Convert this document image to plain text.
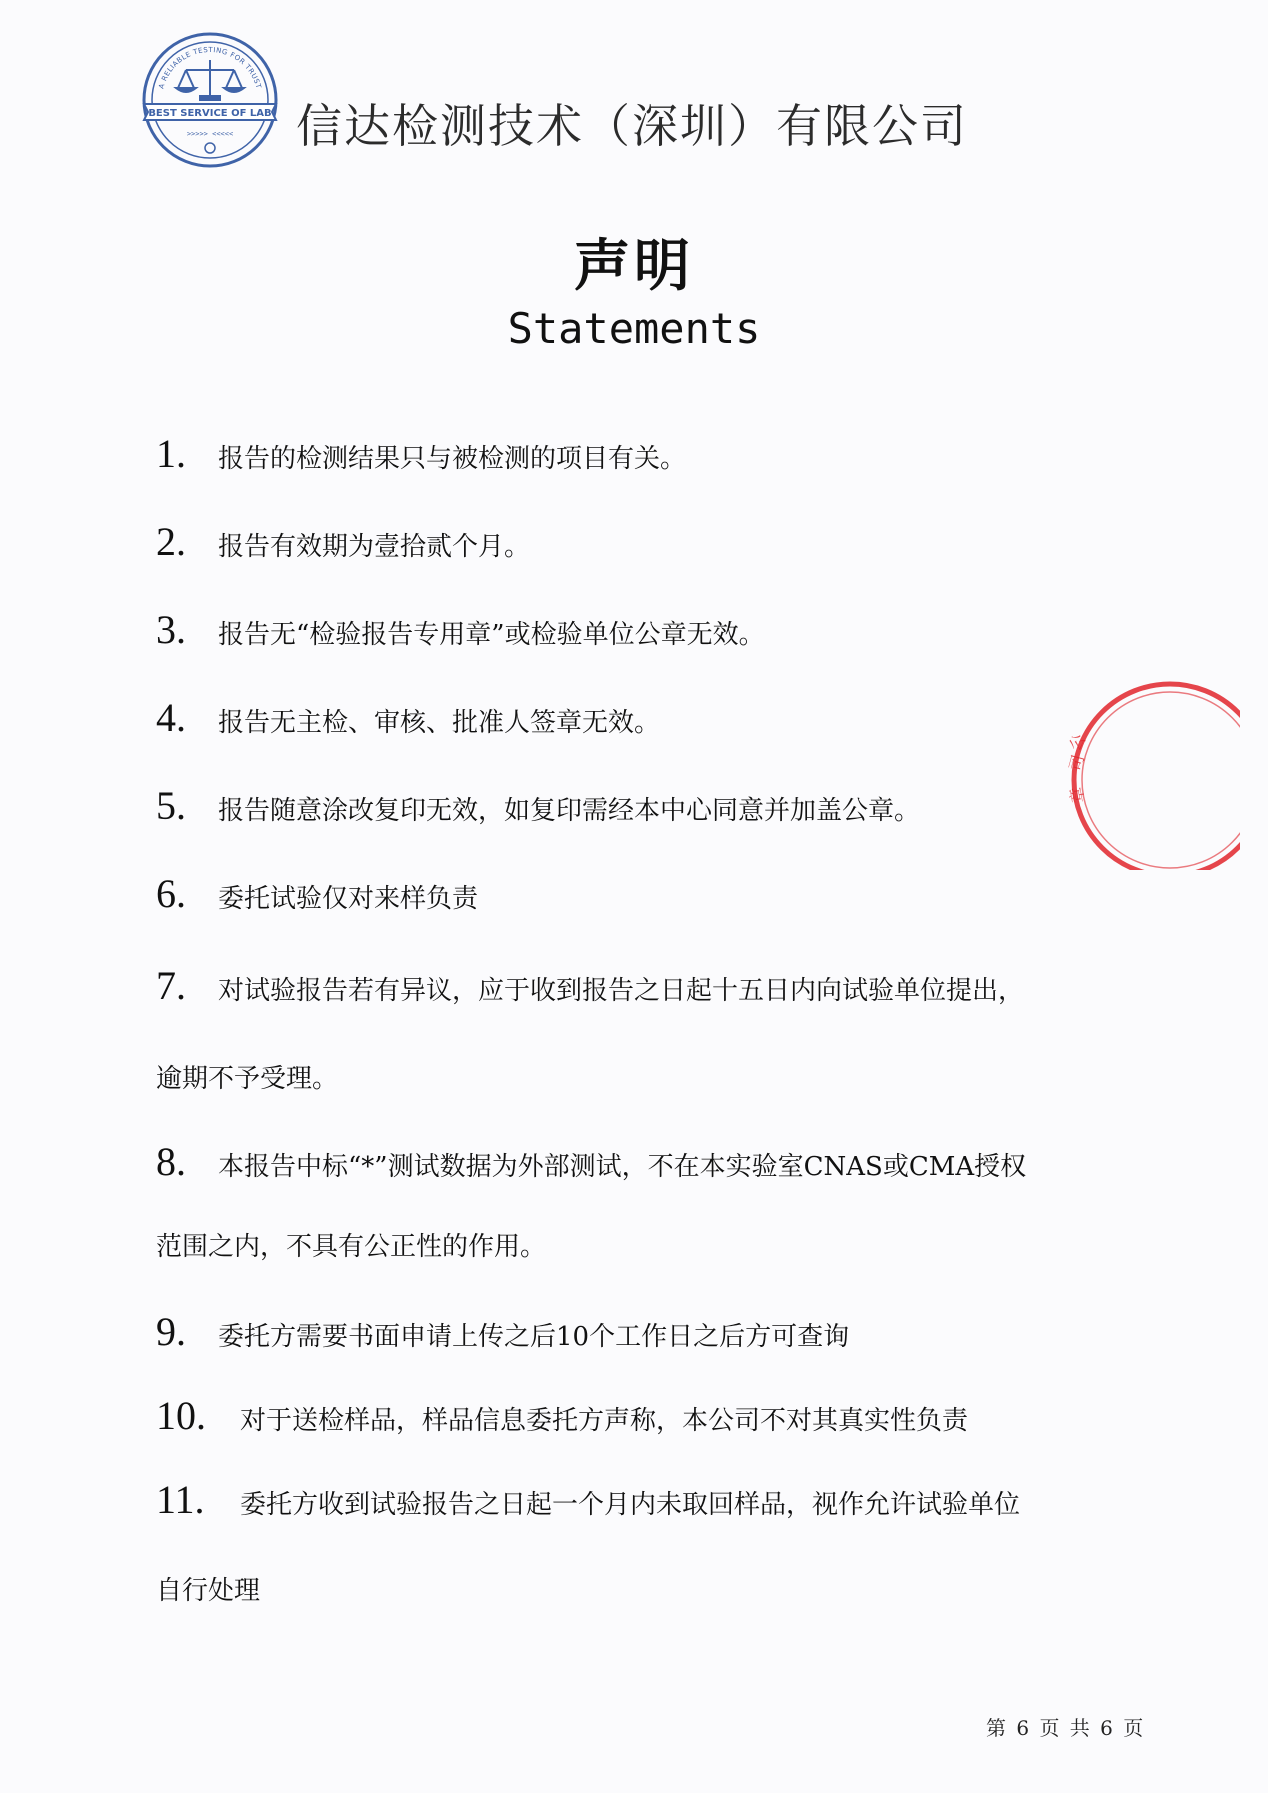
A RELIABLE TESTING FOR TRUST
BEST SERVICE OF LAB
>>>>> <<<<< 信达检测技术（深圳）有限公司
声明
Statements
1. 报告的检测结果只与被检测的项目有关。
2. 报告有效期为壹拾贰个月。
3. 报告无“检验报告专用章”或检验单位公章无效。
4. 报告无主检、审核、批准人签章无效。
5. 报告随意涂改复印无效，如复印需经本中心同意并加盖公章。
6. 委托试验仅对来样负责
7. 对试验报告若有异议，应于收到报告之日起十五日内向试验单位提出，
逾期不予受理。
8. 本报告中标“*”测试数据为外部测试，不在本实验室CNAS或CMA授权
范围之内，不具有公正性的作用。
9. 委托方需要书面申请上传之后10个工作日之后方可查询
10. 对于送检样品，样品信息委托方声称，本公司不对其真实性负责
11. 委托方收到试验报告之日起一个月内未取回样品，视作允许试验单位
自行处理
公
司
章
第 6 页 共 6 页
